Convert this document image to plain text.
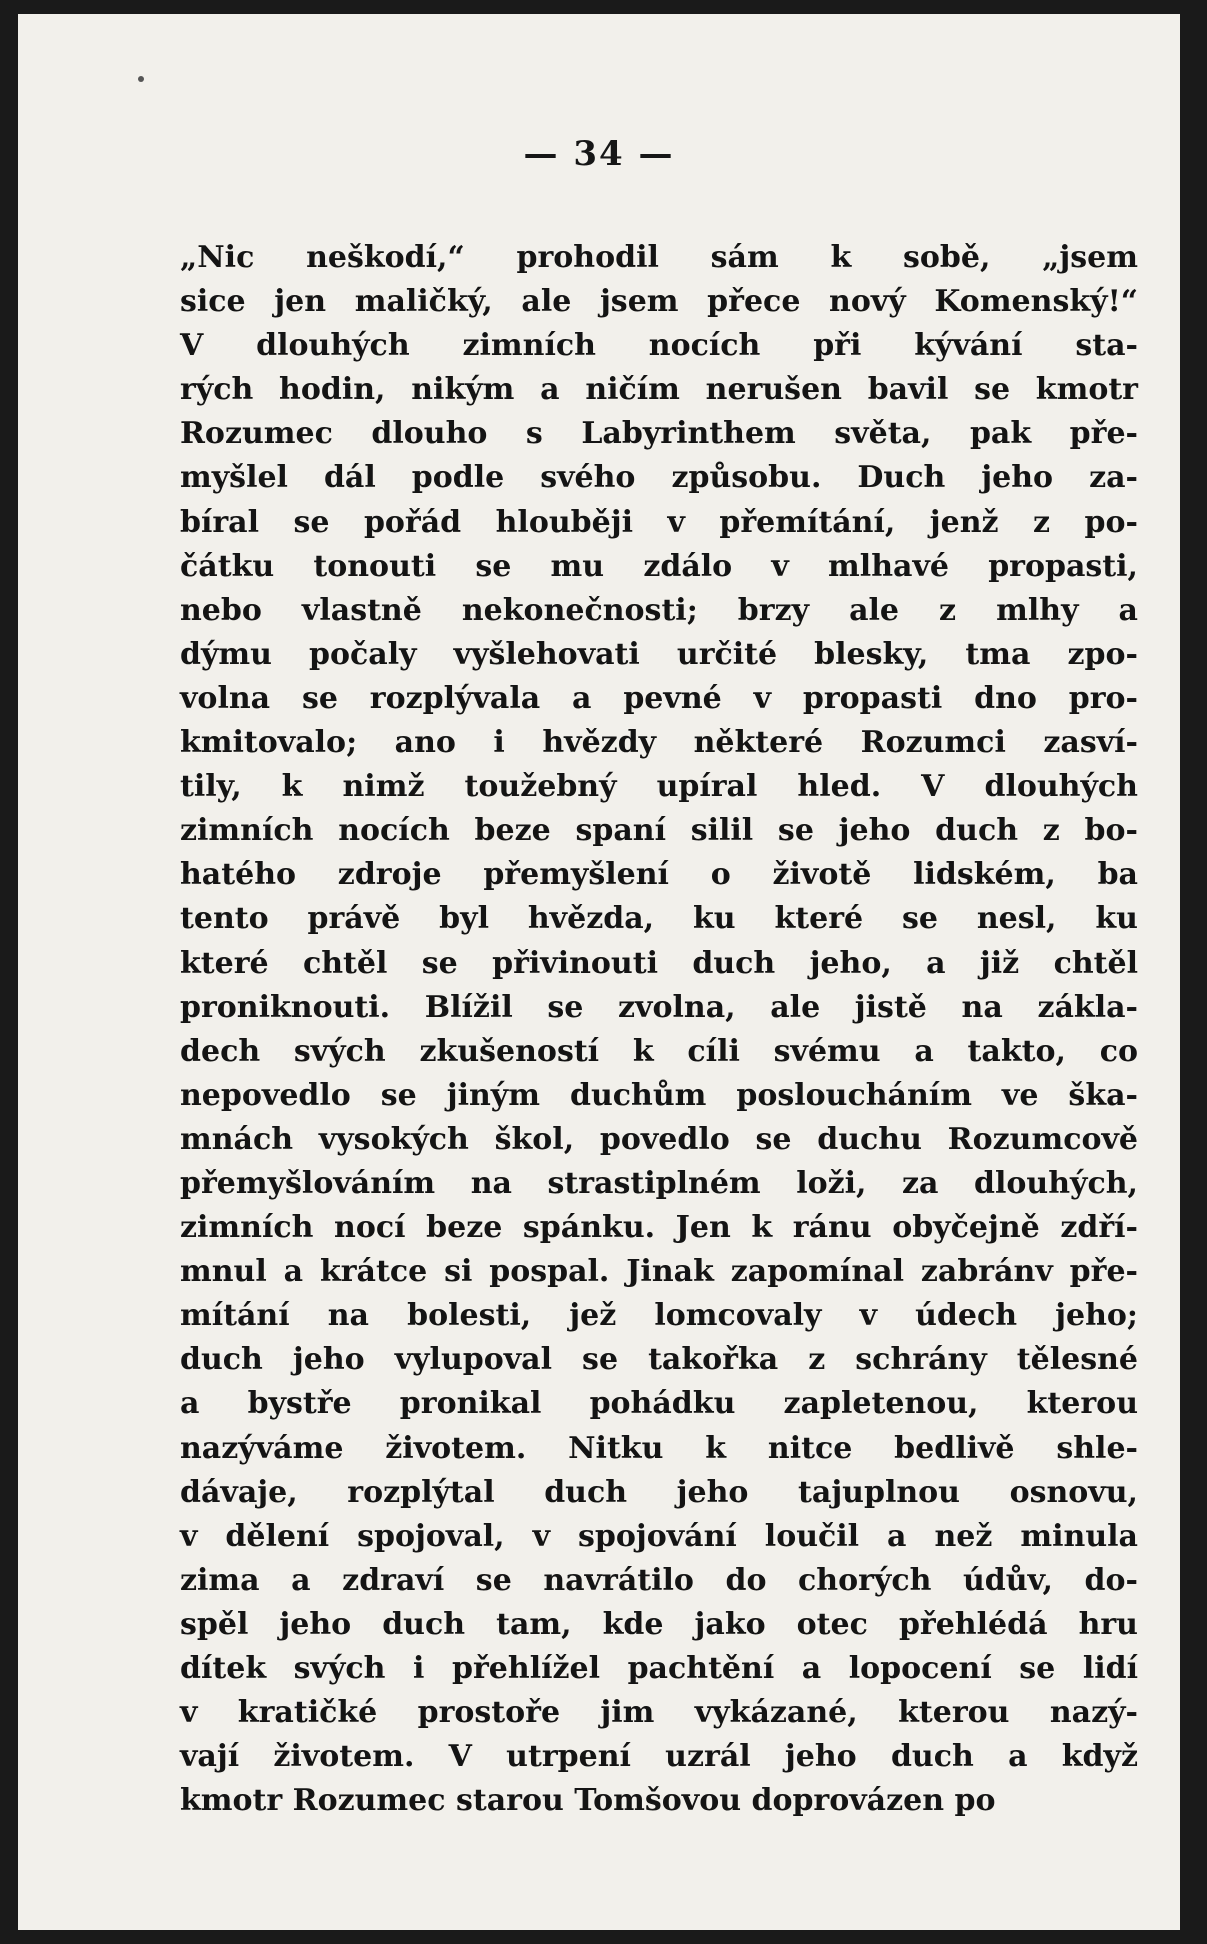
— 34 —
„Nic neškodí,“ prohodil sám k sobě, „jsem
sice jen maličký, ale jsem přece nový Komenský!“
V dlouhých zimních nocích při kývání sta-
rých hodin, nikým a ničím nerušen bavil se kmotr
Rozumec dlouho s Labyrinthem světa, pak pře-
myšlel dál podle svého způsobu. Duch jeho za-
bíral se pořád hlouběji v přemítání, jenž z po-
čátku tonouti se mu zdálo v mlhavé propasti,
nebo vlastně nekonečnosti; brzy ale z mlhy a
dýmu počaly vyšlehovati určité blesky, tma zpo-
volna se rozplývala a pevné v propasti dno pro-
kmitovalo; ano i hvězdy některé Rozumci zasví-
tily, k nimž toužebný upíral hled. V dlouhých
zimních nocích beze spaní silil se jeho duch z bo-
hatého zdroje přemyšlení o životě lidském, ba
tento právě byl hvězda, ku které se nesl, ku
které chtěl se přivinouti duch jeho, a již chtěl
proniknouti. Blížil se zvolna, ale jistě na zákla-
dech svých zkušeností k cíli svému a takto, co
nepovedlo se jiným duchům posloucháním ve ška-
mnách vysokých škol, povedlo se duchu Rozumcově
přemyšlováním na strastiplném loži, za dlouhých,
zimních nocí beze spánku. Jen k ránu obyčejně zdří-
mnul a krátce si pospal. Jinak zapomínal zabránv pře-
mítání na bolesti, jež lomcovaly v údech jeho;
duch jeho vylupoval se takořka z schrány tělesné
a bystře pronikal pohádku zapletenou, kterou
nazýváme životem. Nitku k nitce bedlivě shle-
dávaje, rozplýtal duch jeho tajuplnou osnovu,
v dělení spojoval, v spojování loučil a než minula
zima a zdraví se navrátilo do chorých údův, do-
spěl jeho duch tam, kde jako otec přehlédá hru
dítek svých i přehlížel pachtění a lopocení se lidí
v kratičké prostoře jim vykázané, kterou nazý-
vají životem. V utrpení uzrál jeho duch a když
kmotr Rozumec starou Tomšovou doprovázen po
